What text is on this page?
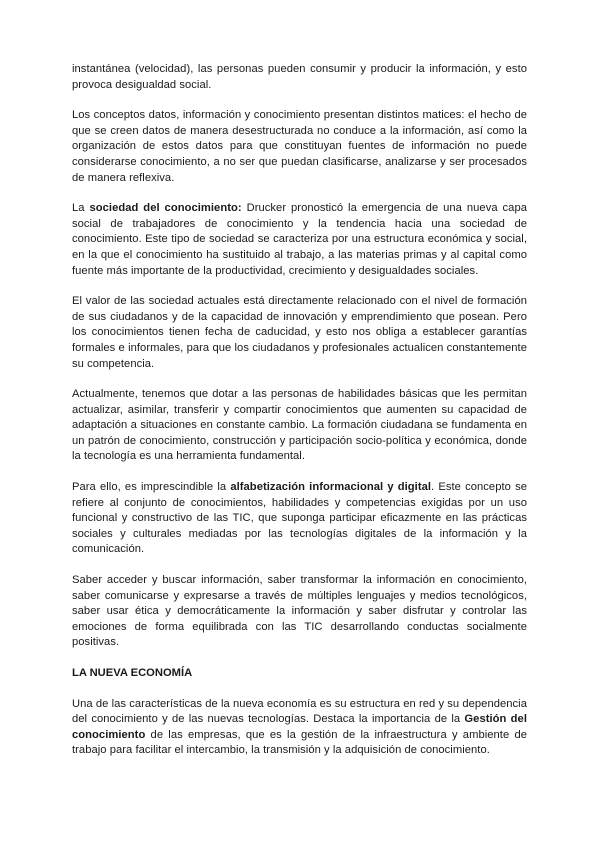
instantánea (velocidad), las personas pueden consumir y producir la información, y esto provoca desigualdad social.

Los conceptos datos, información y conocimiento presentan distintos matices: el hecho de que se creen datos de manera desestructurada no conduce a la información, así como la organización de estos datos para que constituyan fuentes de información no puede considerarse conocimiento, a no ser que puedan clasificarse, analizarse y ser procesados de manera reflexiva.

La sociedad del conocimiento: Drucker pronosticó la emergencia de una nueva capa social de trabajadores de conocimiento y la tendencia hacia una sociedad de conocimiento. Este tipo de sociedad se caracteriza por una estructura económica y social, en la que el conocimiento ha sustituido al trabajo, a las materias primas y al capital como fuente más importante de la productividad, crecimiento y desigualdades sociales.

El valor de las sociedad actuales está directamente relacionado con el nivel de formación de sus ciudadanos y de la capacidad de innovación y emprendimiento que posean. Pero los conocimientos tienen fecha de caducidad, y esto nos obliga a establecer garantías formales e informales, para que los ciudadanos y profesionales actualicen constantemente su competencia.

Actualmente, tenemos que dotar a las personas de habilidades básicas que les permitan actualizar, asimilar, transferir y compartir conocimientos que aumenten su capacidad de adaptación a situaciones en constante cambio. La formación ciudadana se fundamenta en un patrón de conocimiento, construcción y participación socio-política y económica, donde la tecnología es una herramienta fundamental.

Para ello, es imprescindible la alfabetización informacional y digital. Este concepto se refiere al conjunto de conocimientos, habilidades y competencias exigidas por un uso funcional y constructivo de las TIC, que suponga participar eficazmente en las prácticas sociales y culturales mediadas por las tecnologías digitales de la información y la comunicación.

Saber acceder y buscar información, saber transformar la información en conocimiento, saber comunicarse y expresarse a través de múltiples lenguajes y medios tecnológicos, saber usar ética y democráticamente la información y saber disfrutar y controlar las emociones de forma equilibrada con las TIC desarrollando conductas socialmente positivas.

LA NUEVA ECONOMÍA

Una de las características de la nueva economía es su estructura en red y su dependencia del conocimiento y de las nuevas tecnologías. Destaca la importancia de la Gestión del conocimiento de las empresas, que es la gestión de la infraestructura y ambiente de trabajo para facilitar el intercambio, la transmisión y la adquisición de conocimiento.
